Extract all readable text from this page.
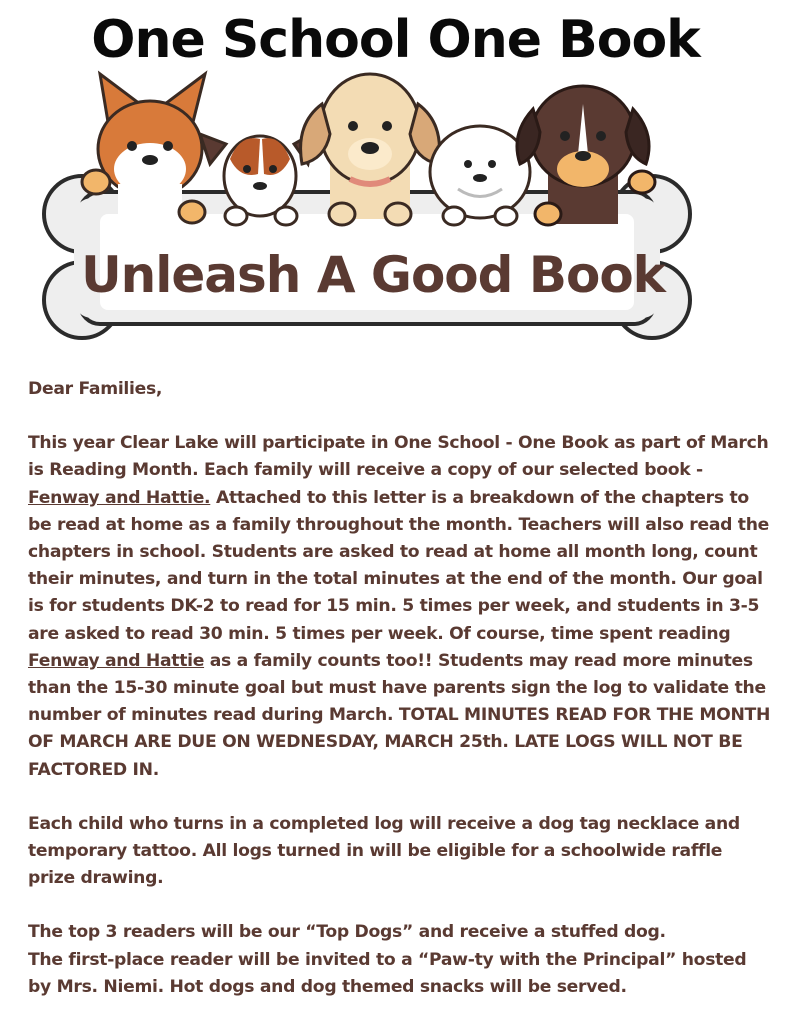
One School One Book
Unleash A Good Book

Dear Families,

This year Clear Lake will participate in One School - One Book as part of March is Reading Month. Each family will receive a copy of our selected book - Fenway and Hattie. Attached to this letter is a breakdown of the chapters to be read at home as a family throughout the month. Teachers will also read the chapters in school. Students are asked to read at home all month long, count their minutes, and turn in the total minutes at the end of the month. Our goal is for students DK-2 to read for 15 min. 5 times per week, and students in 3-5 are asked to read 30 min. 5 times per week. Of course, time spent reading Fenway and Hattie as a family counts too!! Students may read more minutes than the 15-30 minute goal but must have parents sign the log to validate the number of minutes read during March. TOTAL MINUTES READ FOR THE MONTH OF MARCH ARE DUE ON WEDNESDAY, MARCH 25th. LATE LOGS WILL NOT BE FACTORED IN.

Each child who turns in a completed log will receive a dog tag necklace and temporary tattoo. All logs turned in will be eligible for a schoolwide raffle prize drawing.

The top 3 readers will be our “Top Dogs” and receive a stuffed dog.

The first-place reader will be invited to a “Paw-ty with the Principal” hosted by Mrs. Niemi. Hot dogs and dog themed snacks will be served.
